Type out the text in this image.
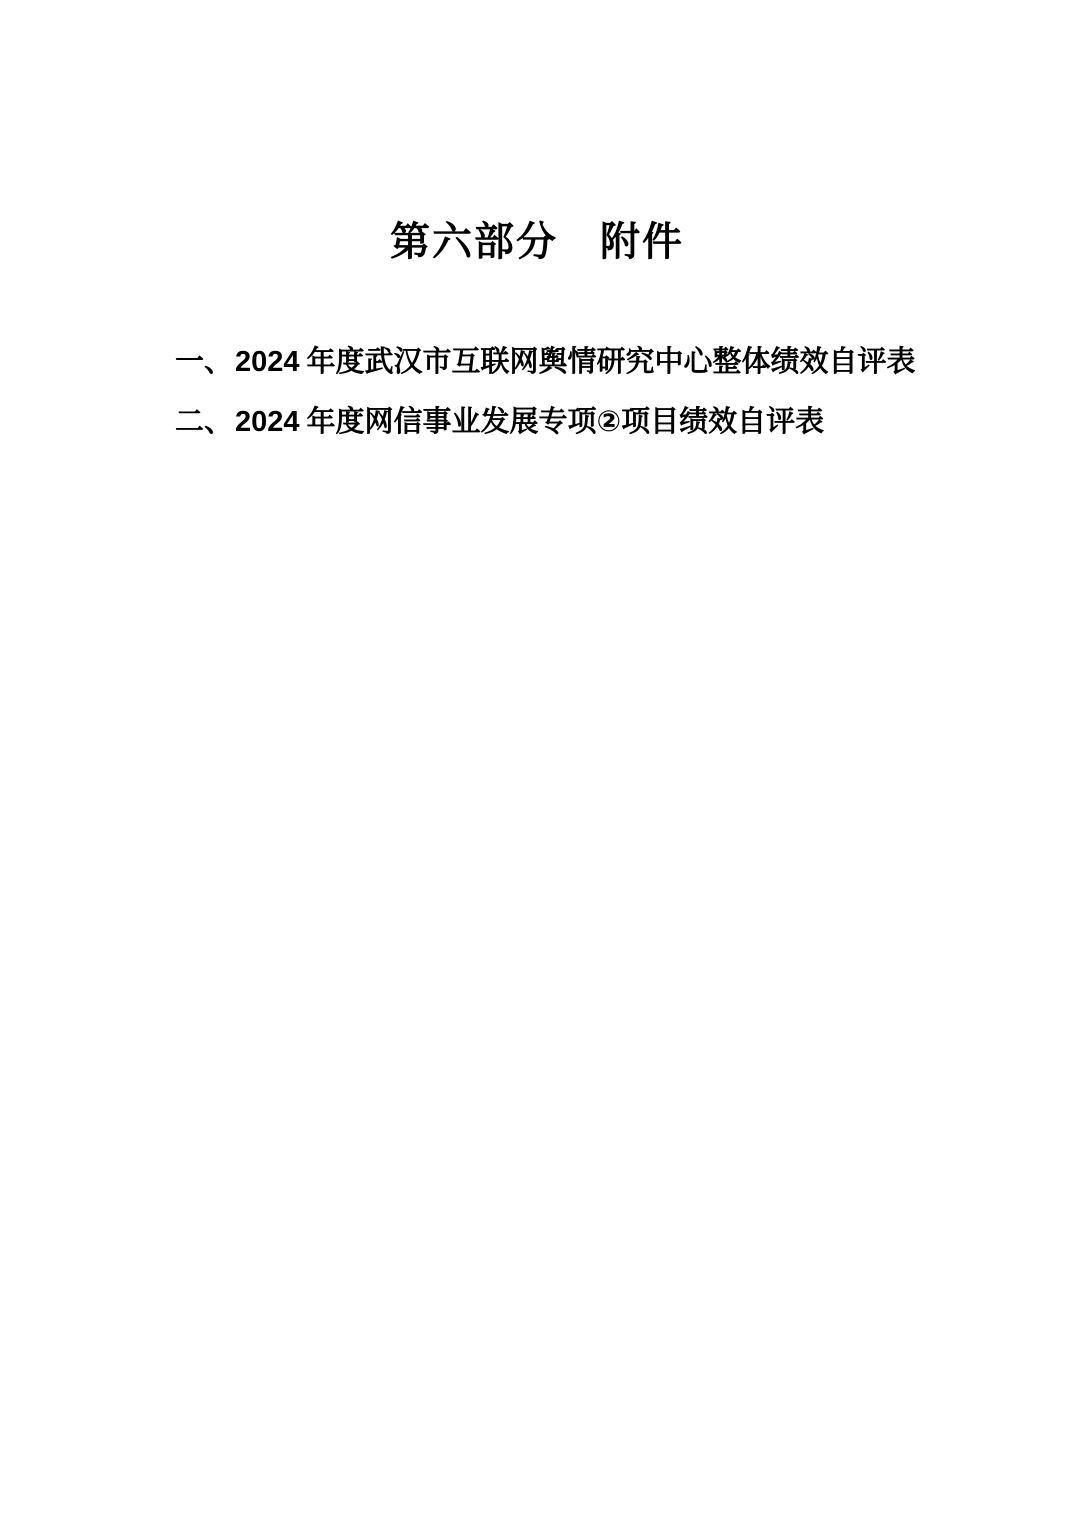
第六部分　附件
一、2024 年度武汉市互联网舆情研究中心整体绩效自评表
二、2024 年度网信事业发展专项②项目绩效自评表
